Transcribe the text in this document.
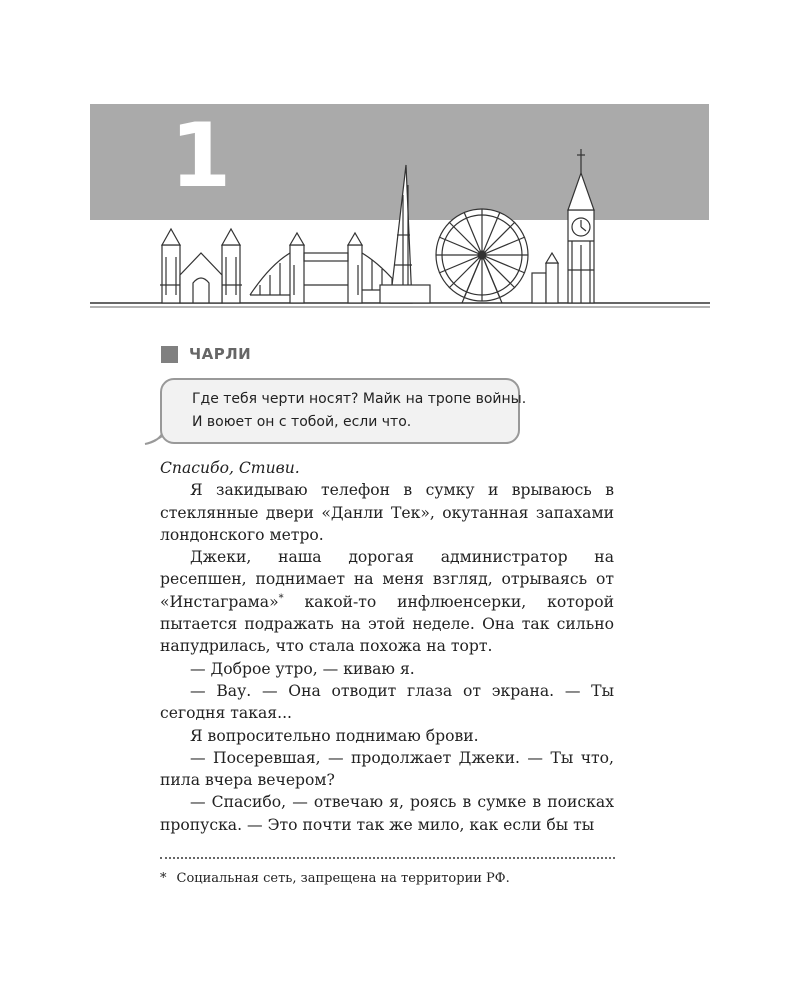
1
ЧАРЛИ
Где тебя черти носят? Майк на тропе войны.
И воюет он с тобой, если что.

Спасибо, Стиви.

Я закидываю телефон в сумку и врываюсь в стеклянные двери «Данли Тек», окутанная запахами лондонского метро.

Джеки, наша дорогая администратор на ресепшен, поднимает на меня взгляд, отрываясь от «Инстаграма»* какой-то инфлюенсерки, которой пытается подражать на этой неделе. Она так сильно напудрилась, что стала похожа на торт.

— Доброе утро, — киваю я.

— Вау. — Она отводит глаза от экрана. — Ты сегодня такая...

Я вопросительно поднимаю брови.

— Посеревшая, — продолжает Джеки. — Ты что, пила вчера вечером?

— Спасибо, — отвечаю я, роясь в сумке в поисках пропуска. — Это почти так же мило, как если бы ты

* Социальная сеть, запрещена на территории РФ.
